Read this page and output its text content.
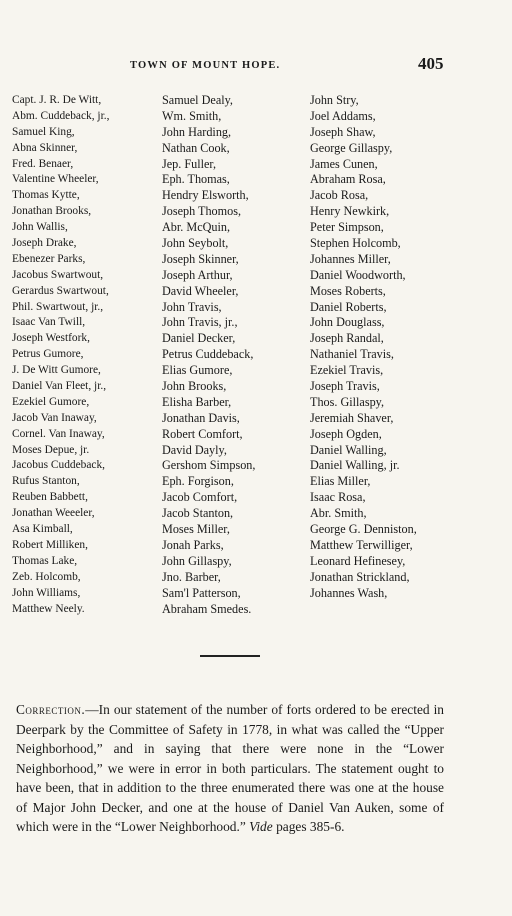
TOWN OF MOUNT HOPE.	405
Capt. J. R. De Witt,
Abm. Cuddeback, jr.,
Samuel King,
Abna Skinner,
Fred. Benaer,
Valentine Wheeler,
Thomas Kytte,
Jonathan Brooks,
John Wallis,
Joseph Drake,
Ebenezer Parks,
Jacobus Swartwout,
Gerardus Swartwout,
Phil. Swartwout, jr.,
Isaac Van Twill,
Joseph Westfork,
Petrus Gumore,
J. De Witt Gumore,
Daniel Van Fleet, jr.,
Ezekiel Gumore,
Jacob Van Inaway,
Cornel. Van Inaway,
Moses Depue, jr.
Jacobus Cuddeback,
Rufus Stanton,
Reuben Babbett,
Jonathan Weeeler,
Asa Kimball,
Robert Milliken,
Thomas Lake,
Zeb. Holcomb,
John Williams,
Matthew Neely.
Samuel Dealy,
Wm. Smith,
John Harding,
Nathan Cook,
Jep. Fuller,
Eph. Thomas,
Hendry Elsworth,
Joseph Thomos,
Abr. McQuin,
John Seybolt,
Joseph Skinner,
Joseph Arthur,
David Wheeler,
John Travis,
John Travis, jr.,
Daniel Decker,
Petrus Cuddeback,
Elias Gumore,
John Brooks,
Elisha Barber,
Jonathan Davis,
Robert Comfort,
David Dayly,
Gershom Simpson,
Eph. Forgison,
Jacob Comfort,
Jacob Stanton,
Moses Miller,
Jonah Parks,
John Gillaspy,
Jno. Barber,
Sam'l Patterson,
Abraham Smedes.
John Stry,
Joel Addams,
Joseph Shaw,
George Gillaspy,
James Cunen,
Abraham Rosa,
Jacob Rosa,
Henry Newkirk,
Peter Simpson,
Stephen Holcomb,
Johannes Miller,
Daniel Woodworth,
Moses Roberts,
Daniel Roberts,
John Douglass,
Joseph Randal,
Nathaniel Travis,
Ezekiel Travis,
Joseph Travis,
Thos. Gillaspy,
Jeremiah Shaver,
Joseph Ogden,
Daniel Walling,
Daniel Walling, jr.
Elias Miller,
Isaac Rosa,
Abr. Smith,
George G. Denniston,
Matthew Terwilliger,
Leonard Hefinesey,
Jonathan Strickland,
Johannes Wash,

Correction.—In our statement of the number of forts ordered to be erected in Deerpark by the Committee of Safety in 1778, in what was called the “Upper Neighborhood,” and in saying that there were none in the “Lower Neighborhood,” we were in error in both particulars. The statement ought to have been, that in addition to the three enumerated there was one at the house of Major John Decker, and one at the house of Daniel Van Auken, some of which were in the “Lower Neighborhood.” Vide pages 385-6.
